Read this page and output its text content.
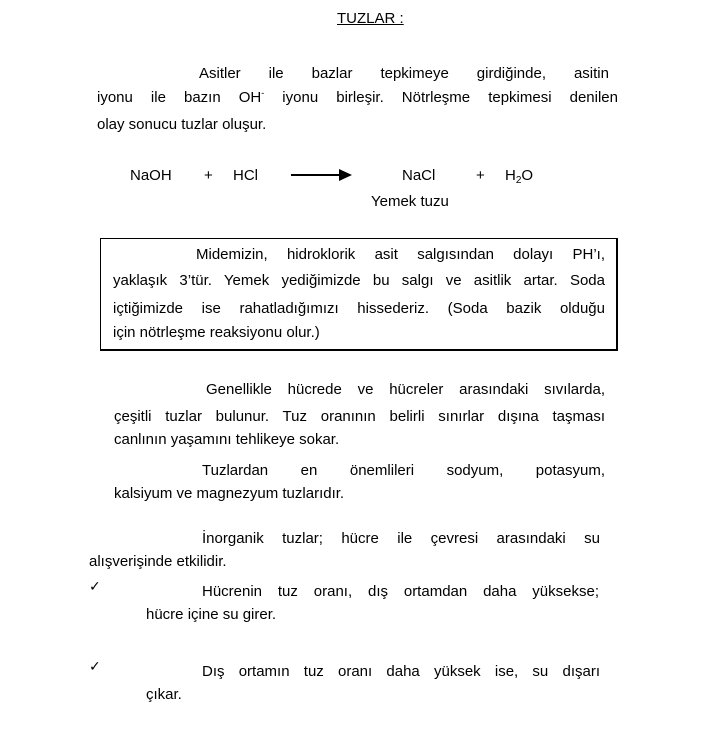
TUZLAR :
Asitler ile bazlar tepkimeye girdiğinde, asitin
iyonu ile bazın OH- iyonu birleşir. Nötrleşme tepkimesi denilen
olay sonucu tuzlar oluşur.
NaOH + HCl	NaCl	+ $H_2O$
Yemek tuzu
Midemizin, hidroklorik asit salgısından dolayı PH’ı,
yaklaşık 3’tür. Yemek yediğimizde bu salgı ve asitlik artar. Soda
içtiğimizde ise rahatladığımızı hissederiz. (Soda bazik olduğu
için nötrleşme reaksiyonu olur.)
Genellikle hücrede ve hücreler arasındaki sıvılarda,
çeşitli tuzlar bulunur. Tuz oranının belirli sınırlar dışına taşması
canlının yaşamını tehlikeye sokar.
Tuzlardan en önemlileri sodyum, potasyum,
kalsiyum ve magnezyum tuzlarıdır.
İnorganik tuzlar; hücre ile çevresi arasındaki su
alışverişinde etkilidir.
✓	Hücrenin tuz oranı, dış ortamdan daha yüksekse;
hücre içine su girer.
✓	Dış ortamın tuz oranı daha yüksek ise, su dışarı
çıkar.
